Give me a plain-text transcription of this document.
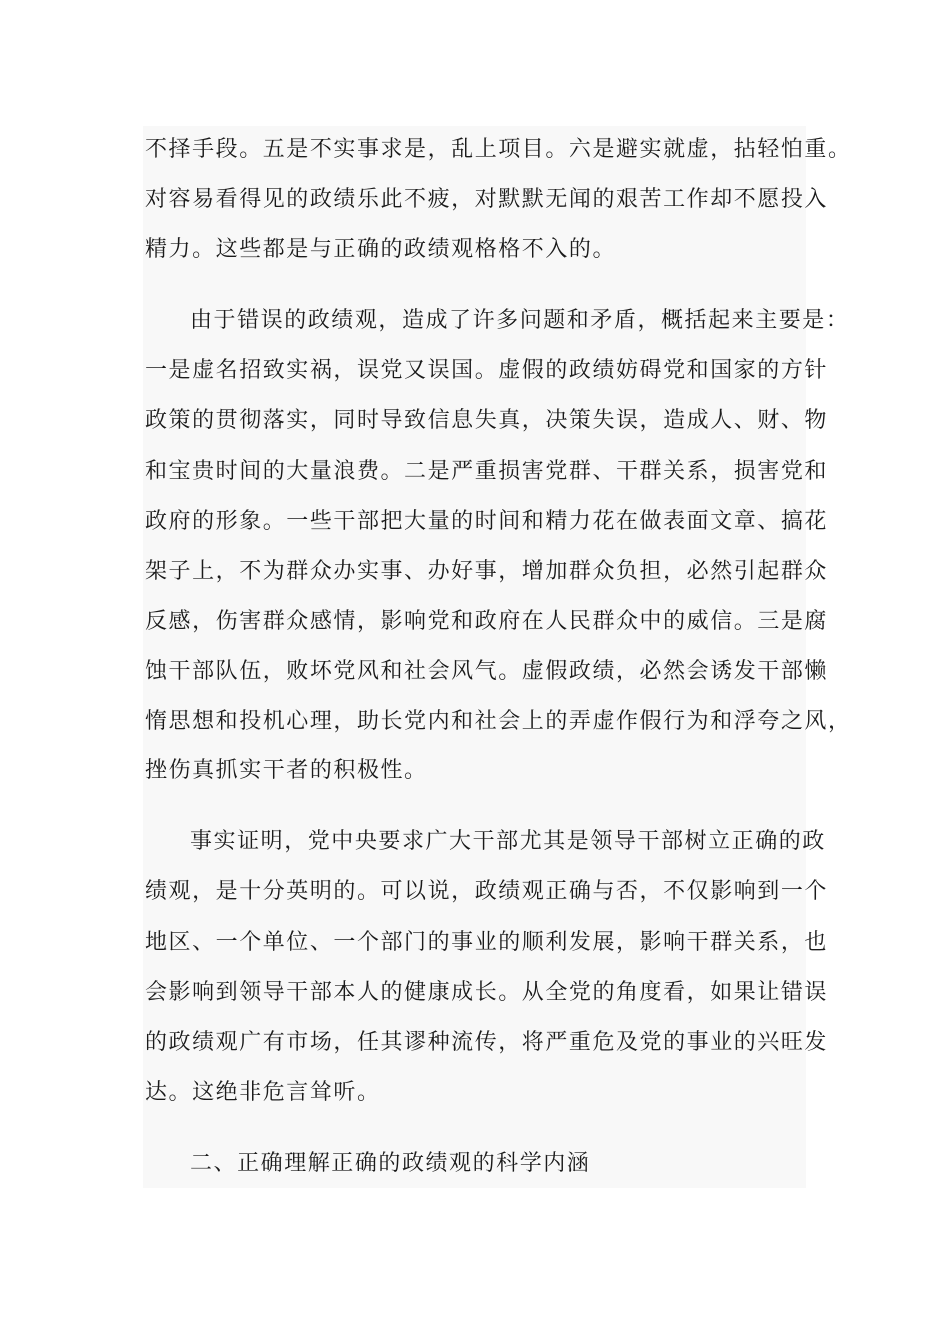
不择手段。五是不实事求是，乱上项目。六是避实就虚，拈轻怕重。
对容易看得见的政绩乐此不疲，对默默无闻的艰苦工作却不愿投入
精力。这些都是与正确的政绩观格格不入的。
由于错误的政绩观，造成了许多问题和矛盾，概括起来主要是：
一是虚名招致实祸，误党又误国。虚假的政绩妨碍党和国家的方针
政策的贯彻落实，同时导致信息失真，决策失误，造成人、财、物
和宝贵时间的大量浪费。二是严重损害党群、干群关系，损害党和
政府的形象。一些干部把大量的时间和精力花在做表面文章、搞花
架子上，不为群众办实事、办好事，增加群众负担，必然引起群众
反感，伤害群众感情，影响党和政府在人民群众中的威信。三是腐
蚀干部队伍，败坏党风和社会风气。虚假政绩，必然会诱发干部懒
惰思想和投机心理，助长党内和社会上的弄虚作假行为和浮夸之风，
挫伤真抓实干者的积极性。
事实证明，党中央要求广大干部尤其是领导干部树立正确的政
绩观，是十分英明的。可以说，政绩观正确与否，不仅影响到一个
地区、一个单位、一个部门的事业的顺利发展，影响干群关系，也
会影响到领导干部本人的健康成长。从全党的角度看，如果让错误
的政绩观广有市场，任其谬种流传，将严重危及党的事业的兴旺发
达。这绝非危言耸听。
二、正确理解正确的政绩观的科学内涵
